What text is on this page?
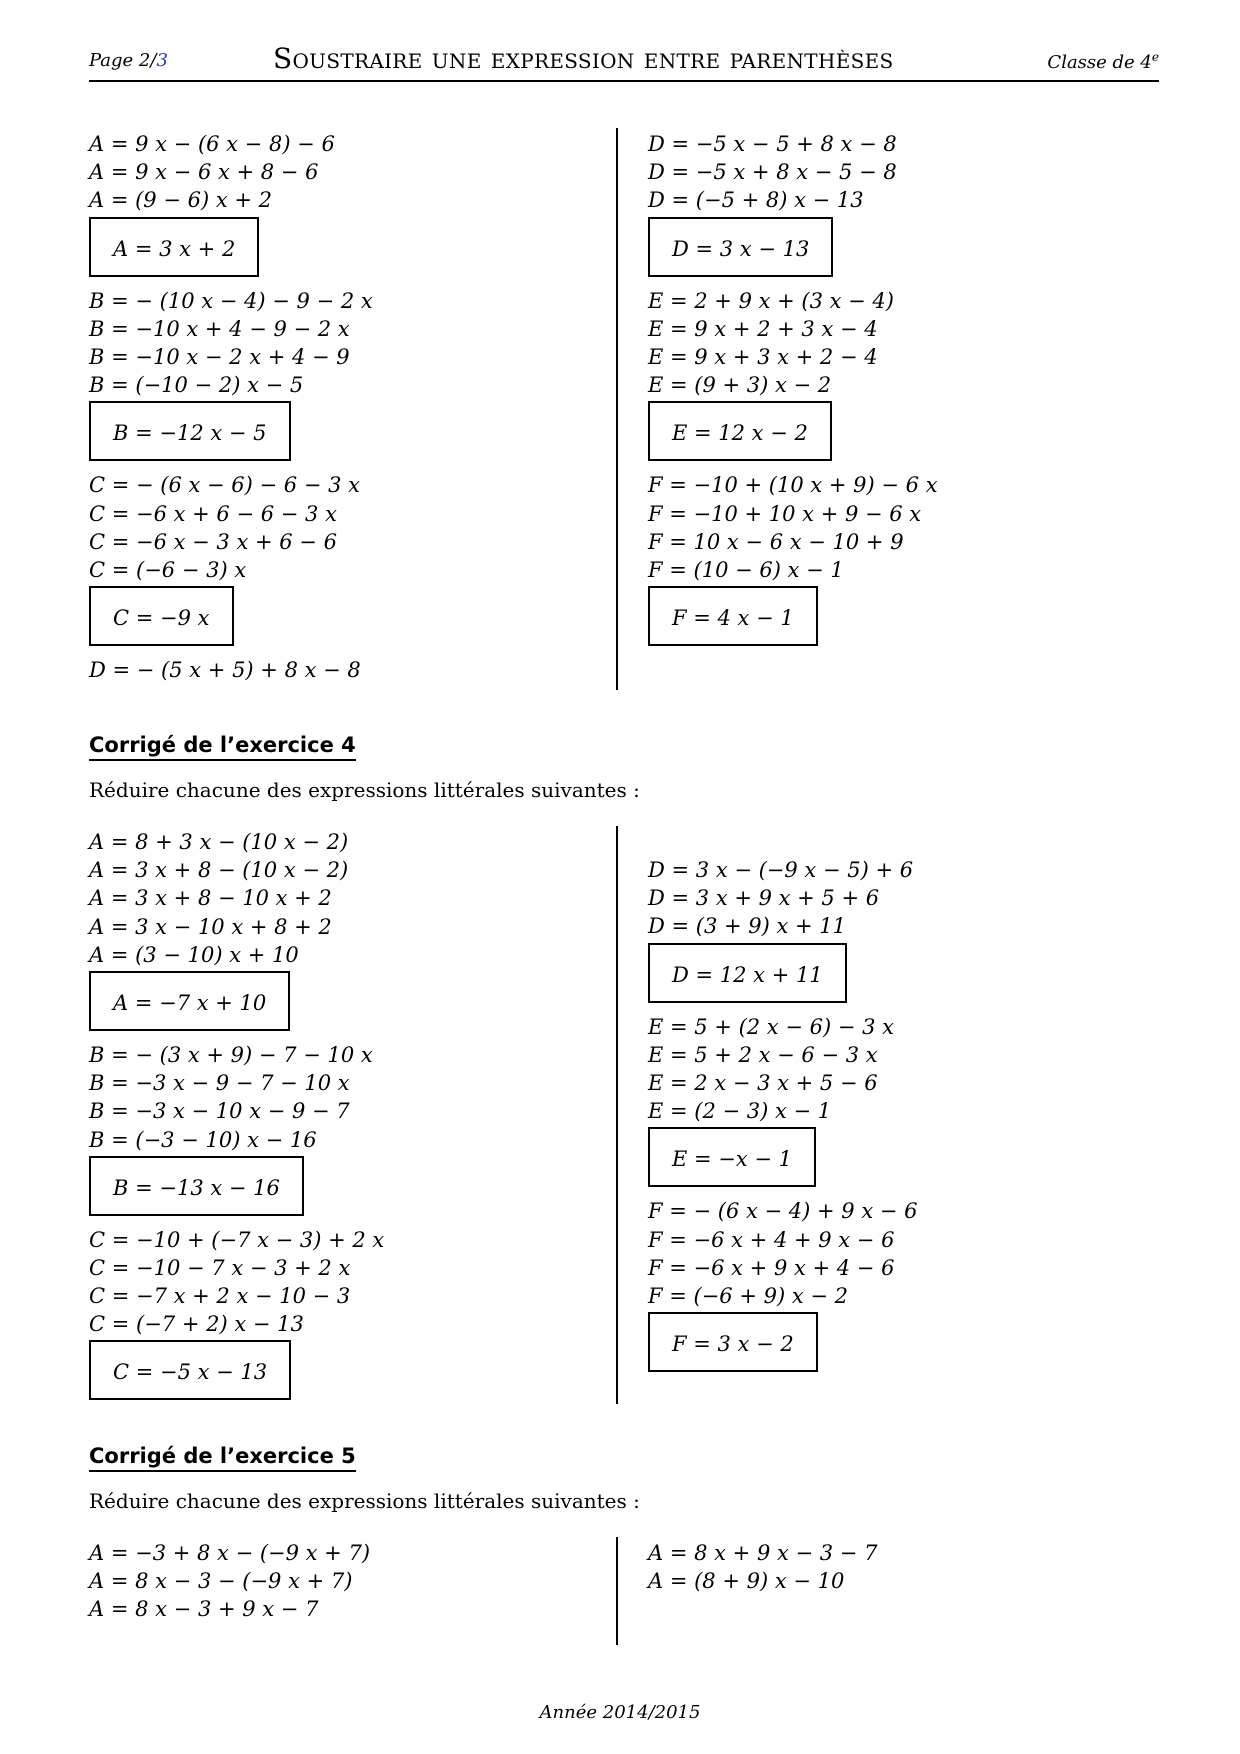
Page 2/3	Soustraire une expression entre parenthèses	Classe de 4e
A = 9 x − (6 x − 8) − 6
A = 9 x − 6 x + 8 − 6
A = (9 − 6) x + 2
A = 3 x + 2
B = − (10 x − 4) − 9 − 2 x
B = −10 x + 4 − 9 − 2 x
B = −10 x − 2 x + 4 − 9
B = (−10 − 2) x − 5
B = −12 x − 5
C = − (6 x − 6) − 6 − 3 x
C = −6 x + 6 − 6 − 3 x
C = −6 x − 3 x + 6 − 6
C = (−6 − 3) x
C = −9 x
D = − (5 x + 5) + 8 x − 8
D = −5 x − 5 + 8 x − 8
D = −5 x + 8 x − 5 − 8
D = (−5 + 8) x − 13
D = 3 x − 13
E = 2 + 9 x + (3 x − 4)
E = 9 x + 2 + 3 x − 4
E = 9 x + 3 x + 2 − 4
E = (9 + 3) x − 2
E = 12 x − 2
F = −10 + (10 x + 9) − 6 x
F = −10 + 10 x + 9 − 6 x
F = 10 x − 6 x − 10 + 9
F = (10 − 6) x − 1
F = 4 x − 1
Corrigé de l’exercice 4
Réduire chacune des expressions littérales suivantes :
A = 8 + 3 x − (10 x − 2)
A = 3 x + 8 − (10 x − 2)
A = 3 x + 8 − 10 x + 2
A = 3 x − 10 x + 8 + 2
A = (3 − 10) x + 10
A = −7 x + 10
B = − (3 x + 9) − 7 − 10 x
B = −3 x − 9 − 7 − 10 x
B = −3 x − 10 x − 9 − 7
B = (−3 − 10) x − 16
B = −13 x − 16
C = −10 + (−7 x − 3) + 2 x
C = −10 − 7 x − 3 + 2 x
C = −7 x + 2 x − 10 − 3
C = (−7 + 2) x − 13
C = −5 x − 13
D = 3 x − (−9 x − 5) + 6
D = 3 x + 9 x + 5 + 6
D = (3 + 9) x + 11
D = 12 x + 11
E = 5 + (2 x − 6) − 3 x
E = 5 + 2 x − 6 − 3 x
E = 2 x − 3 x + 5 − 6
E = (2 − 3) x − 1
E = −x − 1
F = − (6 x − 4) + 9 x − 6
F = −6 x + 4 + 9 x − 6
F = −6 x + 9 x + 4 − 6
F = (−6 + 9) x − 2
F = 3 x − 2
Corrigé de l’exercice 5
Réduire chacune des expressions littérales suivantes :
A = −3 + 8 x − (−9 x + 7)
A = 8 x − 3 − (−9 x + 7)
A = 8 x − 3 + 9 x − 7
A = 8 x + 9 x − 3 − 7
A = (8 + 9) x − 10
Année 2014/2015
